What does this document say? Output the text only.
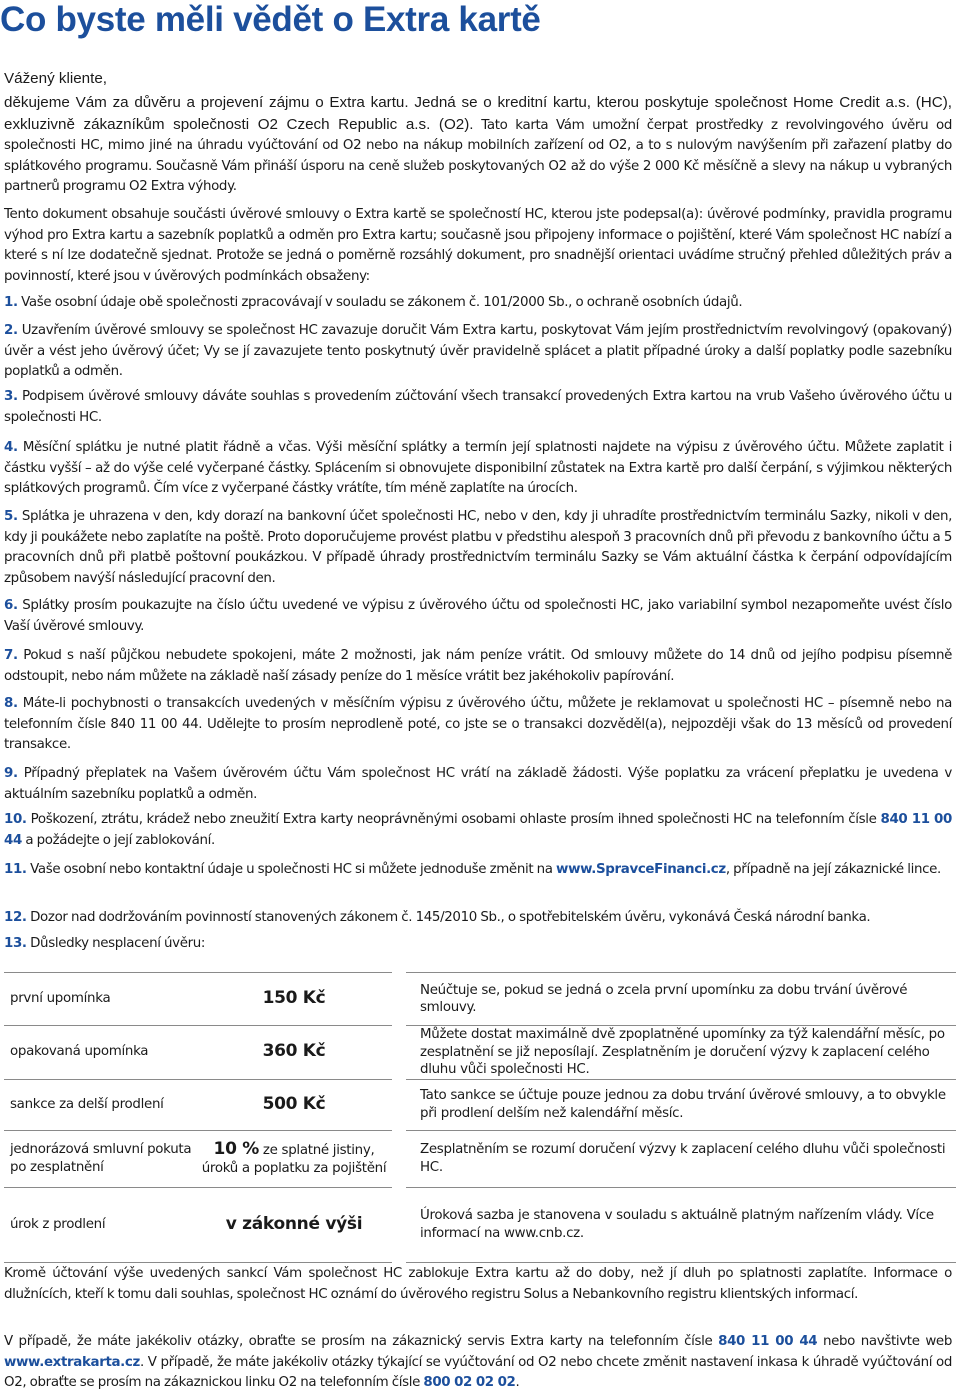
Co byste měli vědět o Extra kartě
Vážený kliente,
děkujeme Vám za důvěru a projevení zájmu o Extra kartu. Jedná se o kreditní kartu, kterou poskytuje společnost Home Credit a.s. (HC), exkluzivně zákazníkům společnosti O2 Czech Republic a.s. (O2). Tato karta Vám umožní čerpat prostředky z revolvingového úvěru od společnosti HC, mimo jiné na úhradu vyúčtování od O2 nebo na nákup mobilních zařízení od O2, a to s nulovým navýšením při zařazení platby do splátkového programu. Současně Vám přináší úsporu na ceně služeb poskytovaných O2 až do výše 2 000 Kč měsíčně a slevy na nákup u vybraných partnerů programu O2 Extra výhody.
Tento dokument obsahuje součásti úvěrové smlouvy o Extra kartě se společností HC, kterou jste podepsal(a): úvěrové podmínky, pravidla programu výhod pro Extra kartu a sazebník poplatků a odměn pro Extra kartu; současně jsou připojeny informace o pojištění, které Vám společnost HC nabízí a které s ní lze dodatečně sjednat. Protože se jedná o poměrně rozsáhlý dokument, pro snadnější orientaci uvádíme stručný přehled důležitých práv a povinností, které jsou v úvěrových podmínkách obsaženy:
1. Vaše osobní údaje obě společnosti zpracovávají v souladu se zákonem č. 101/2000 Sb., o ochraně osobních údajů.
2. Uzavřením úvěrové smlouvy se společnost HC zavazuje doručit Vám Extra kartu, poskytovat Vám jejím prostřednictvím revolvingový (opakovaný) úvěr a vést jeho úvěrový účet; Vy se jí zavazujete tento poskytnutý úvěr pravidelně splácet a platit případné úroky a další poplatky podle sazebníku poplatků a odměn.
3. Podpisem úvěrové smlouvy dáváte souhlas s provedením zúčtování všech transakcí provedených Extra kartou na vrub Vašeho úvěrového účtu u společnosti HC.
4. Měsíční splátku je nutné platit řádně a včas. Výši měsíční splátky a termín její splatnosti najdete na výpisu z úvěrového účtu. Můžete zaplatit i částku vyšší – až do výše celé vyčerpané částky. Splácením si obnovujete disponibilní zůstatek na Extra kartě pro další čerpání, s výjimkou některých splátkových programů. Čím více z vyčerpané částky vrátíte, tím méně zaplatíte na úrocích.
5. Splátka je uhrazena v den, kdy dorazí na bankovní účet společnosti HC, nebo v den, kdy ji uhradíte prostřednictvím terminálu Sazky, nikoli v den, kdy ji poukážete nebo zaplatíte na poště. Proto doporučujeme provést platbu v předstihu alespoň 3 pracovních dnů při převodu z bankovního účtu a 5 pracovních dnů při platbě poštovní poukázkou. V případě úhrady prostřednictvím terminálu Sazky se Vám aktuální částka k čerpání odpovídajícím způsobem navýší následující pracovní den.
6. Splátky prosím poukazujte na číslo účtu uvedené ve výpisu z úvěrového účtu od společnosti HC, jako variabilní symbol nezapomeňte uvést číslo Vaší úvěrové smlouvy.
7. Pokud s naší půjčkou nebudete spokojeni, máte 2 možnosti, jak nám peníze vrátit. Od smlouvy můžete do 14 dnů od jejího podpisu písemně odstoupit, nebo nám můžete na základě naší zásady peníze do 1 měsíce vrátit bez jakéhokoliv papírování.
8. Máte-li pochybnosti o transakcích uvedených v měsíčním výpisu z úvěrového účtu, můžete je reklamovat u společnosti HC – písemně nebo na telefonním čísle 840 11 00 44. Udělejte to prosím neprodleně poté, co jste se o transakci dozvěděl(a), nejpozději však do 13 měsíců od provedení transakce.
9. Případný přeplatek na Vašem úvěrovém účtu Vám společnost HC vrátí na základě žádosti. Výše poplatku za vrácení přeplatku je uvedena v aktuálním sazebníku poplatků a odměn.
10. Poškození, ztrátu, krádež nebo zneužití Extra karty neoprávněnými osobami ohlaste prosím ihned společnosti HC na telefonním čísle 840 11 00 44 a požádejte o její zablokování.
11. Vaše osobní nebo kontaktní údaje u společnosti HC si můžete jednoduše změnit na www.SpravceFinanci.cz, případně na její zákaznické lince.
12. Dozor nad dodržováním povinností stanovených zákonem č. 145/2010 Sb., o spotřebitelském úvěru, vykonává Česká národní banka.
13. Důsledky nesplacení úvěru:
první upomínka	150 Kč		Neúčtuje se, pokud se jedná o zcela první upomínku za dobu trvání úvěrové smlouvy.
opakovaná upomínka	360 Kč		Můžete dostat maximálně dvě zpoplatněné upomínky za týž kalendářní měsíc, po zesplatnění se již neposílají. Zesplatněním je doručení výzvy k zaplacení celého dluhu vůči společnosti HC.
sankce za delší prodlení	500 Kč		Tato sankce se účtuje pouze jednou za dobu trvání úvěrové smlouvy, a to obvykle při prodlení delším než kalendářní měsíc.
jednorázová smluvní pokuta po zesplatnění	10 % ze splatné jistiny, úroků a poplatku za pojištění		Zesplatněním se rozumí doručení výzvy k zaplacení celého dluhu vůči společnosti HC.
úrok z prodlení	v zákonné výši		Úroková sazba je stanovena v souladu s aktuálně platným nařízením vlády. Více informací na www.cnb.cz.
Kromě účtování výše uvedených sankcí Vám společnost HC zablokuje Extra kartu až do doby, než jí dluh po splatnosti zaplatíte. Informace o dlužnících, kteří k tomu dali souhlas, společnost HC oznámí do úvěrového registru Solus a Nebankovního registru klientských informací.
V případě, že máte jakékoliv otázky, obraťte se prosím na zákaznický servis Extra karty na telefonním čísle 840 11 00 44 nebo navštivte web www.extrakarta.cz. V případě, že máte jakékoliv otázky týkající se vyúčtování od O2 nebo chcete změnit nastavení inkasa k úhradě vyúčtování od O2, obraťte se prosím na zákaznickou linku O2 na telefonním čísle 800 02 02 02.
